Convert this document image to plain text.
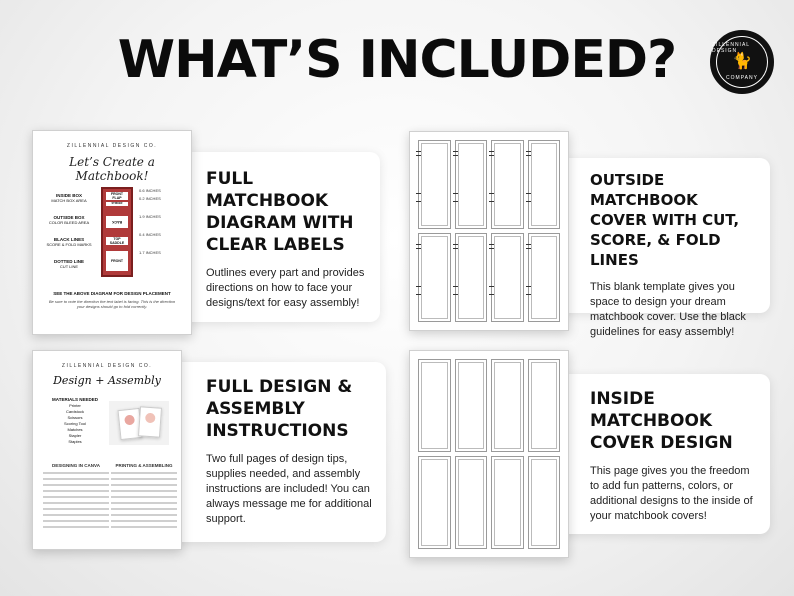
WHAT’S INCLUDED?	ZILLENNIAL DESIGN
🐈
COMPANY
FULL MATCHBOOK
DIAGRAM WITH
CLEAR LABELS

Outlines every part and provides directions on how to face your designs/text for easy assembly!

OUTSIDE MATCHBOOK
COVER WITH CUT,
SCORE, & FOLD LINES

This blank template gives you space to design your dream matchbook cover. Use the black guidelines for easy assembly!

FULL DESIGN &
ASSEMBLY
INSTRUCTIONS

Two full pages of design tips, supplies needed, and assembly instructions are included! You can always message me for additional support.

INSIDE
MATCHBOOK
COVER DESIGN

This page gives you the freedom to add fun patterns, colors, or additional designs to the inside of your matchbook covers!

ZILLENNIAL DESIGN CO.
Let’s Create a Matchbook!
INSIDE BOX
MATCH BOX AREA
OUTSIDE BOX
COLOR BLEED AREA
BLACK LINES
SCORE & FOLD MARKS
DOTTED LINE
CUT LINE
FRONT FLAP
STRIKER
BACK
TOP SADDLE
FRONT
0.6 INCHES
0.2 INCHES
1.9 INCHES
0.4 INCHES
1.7 INCHES
SEE THE ABOVE DIAGRAM FOR DESIGN PLACEMENT
Be sure to note the direction the text label is facing. This is the direction your designs should go to fold correctly.
ZILLENNIAL DESIGN CO.
Design + Assembly
MATERIALS NEEDED
Printer
Cardstock
Scissors
Scoring Tool
Matches
Stapler
Staples
DESIGNING IN CANVA	PRINTING & ASSEMBLING
